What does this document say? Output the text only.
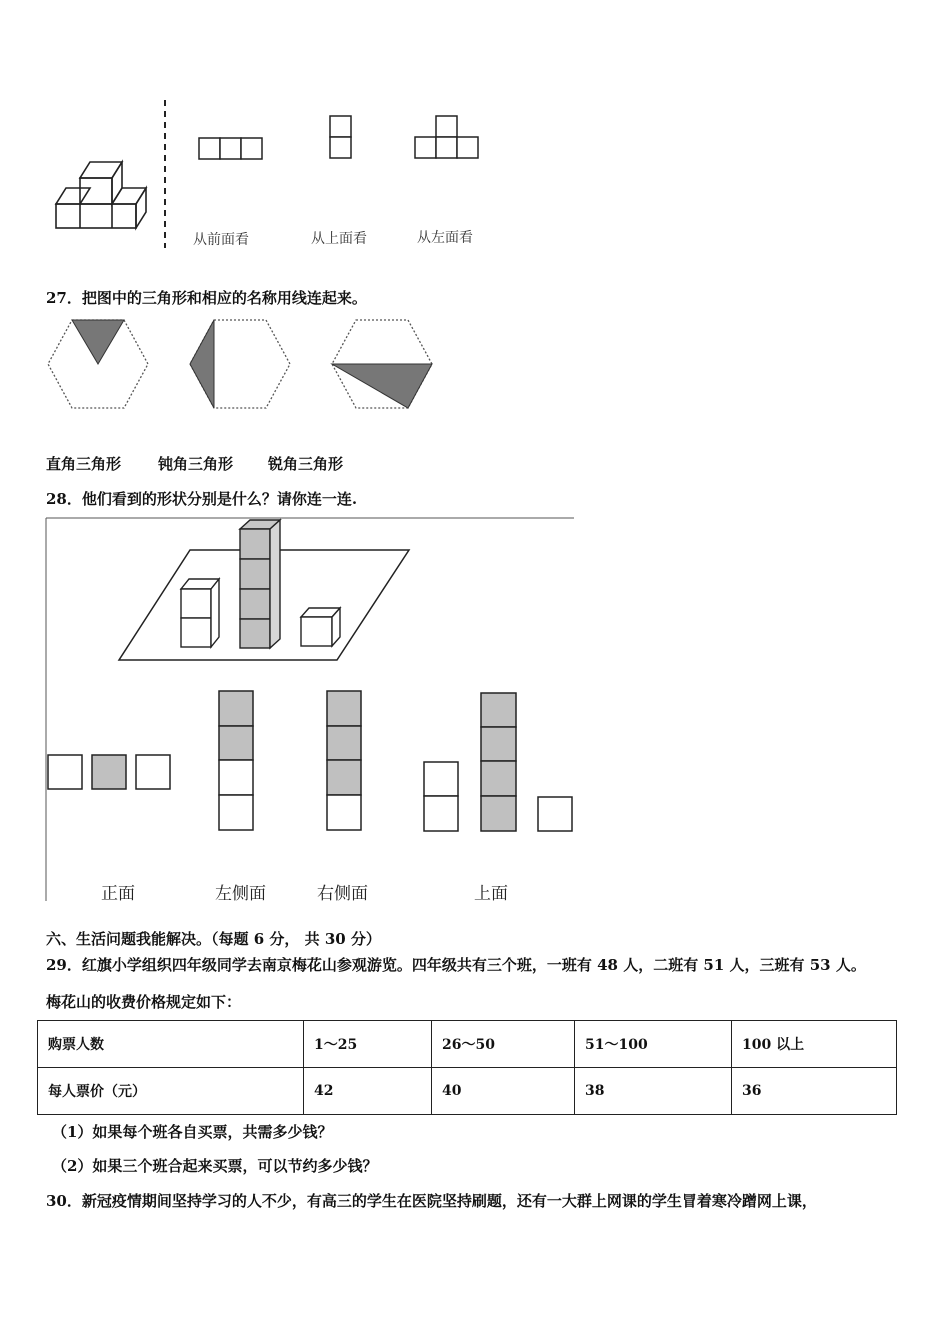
从前面看	从上面看	从左面看
27．把图中的三角形和相应的名称用线连起来。
直角三角形 钝角三角形 锐角三角形
28．他们看到的形状分别是什么？请你连一连.
正面	左侧面	右侧面	上面
六、生活问题我能解决。（每题 6 分， 共 30 分）
29．红旗小学组织四年级同学去南京梅花山参观游览。四年级共有三个班，一班有 48 人，二班有 51 人，三班有 53 人。
梅花山的收费价格规定如下：
购票人数	1～25	26～50	51～100	100 以上
每人票价（元）	42	40	38	36
（1）如果每个班各自买票，共需多少钱？
（2）如果三个班合起来买票，可以节约多少钱？
30．新冠疫情期间坚持学习的人不少，有高三的学生在医院坚持刷题，还有一大群上网课的学生冒着寒冷蹭网上课，
